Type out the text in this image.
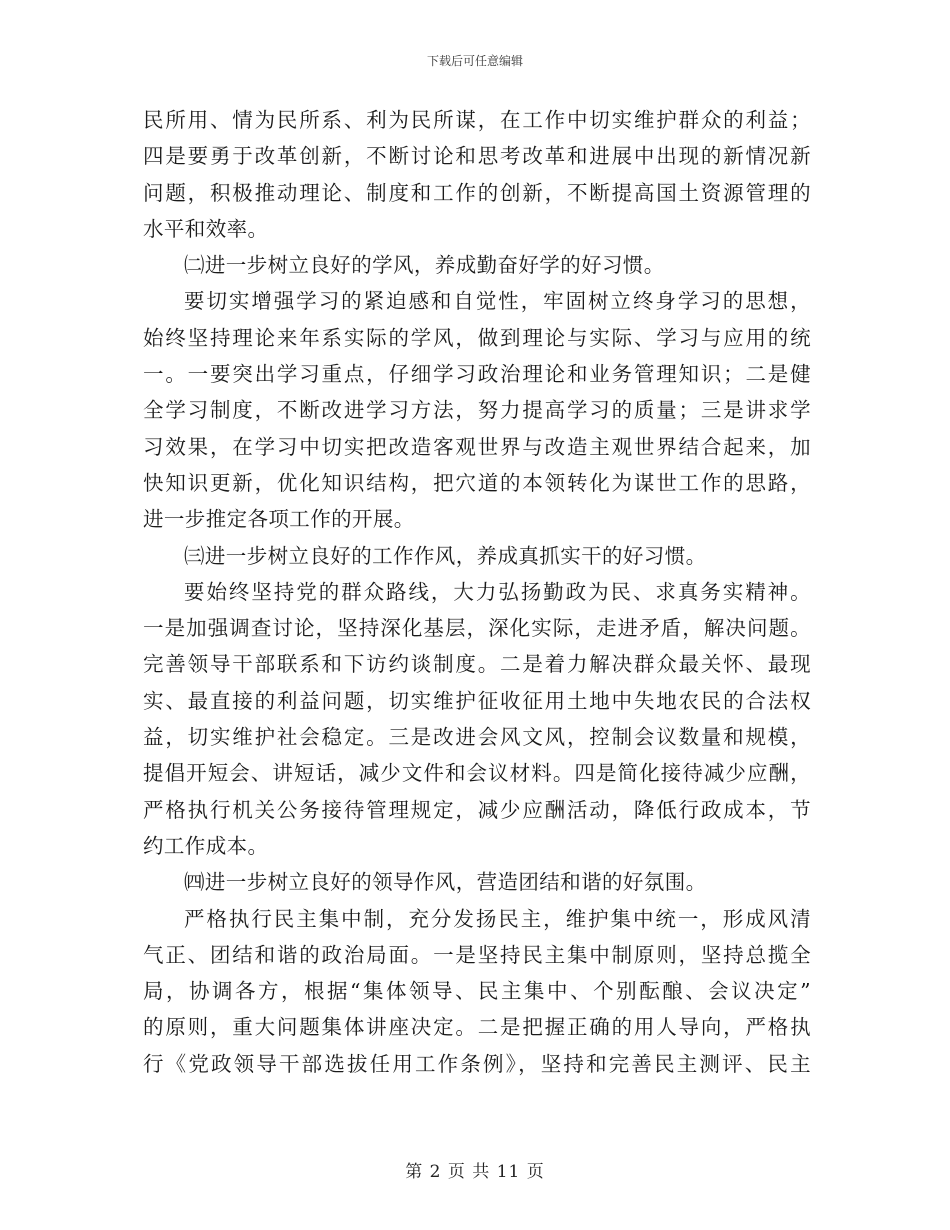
下载后可任意编辑
民所用、情为民所系、利为民所谋，在工作中切实维护群众的利益；
四是要勇于改革创新，不断讨论和思考改革和进展中出现的新情况新
问题，积极推动理论、制度和工作的创新，不断提高国土资源管理的
水平和效率。
㈡进一步树立良好的学风，养成勤奋好学的好习惯。
要切实增强学习的紧迫感和自觉性，牢固树立终身学习的思想，
始终坚持理论来年系实际的学风，做到理论与实际、学习与应用的统
一。一要突出学习重点，仔细学习政治理论和业务管理知识；二是健
全学习制度，不断改进学习方法，努力提高学习的质量；三是讲求学
习效果，在学习中切实把改造客观世界与改造主观世界结合起来，加
快知识更新，优化知识结构，把穴道的本领转化为谋世工作的思路，
进一步推定各项工作的开展。
㈢进一步树立良好的工作作风，养成真抓实干的好习惯。
要始终坚持党的群众路线，大力弘扬勤政为民、求真务实精神。
一是加强调查讨论，坚持深化基层，深化实际，走进矛盾，解决问题。
完善领导干部联系和下访约谈制度。二是着力解决群众最关怀、最现
实、最直接的利益问题，切实维护征收征用土地中失地农民的合法权
益，切实维护社会稳定。三是改进会风文风，控制会议数量和规模，
提倡开短会、讲短话，减少文件和会议材料。四是简化接待减少应酬，
严格执行机关公务接待管理规定，减少应酬活动，降低行政成本，节
约工作成本。
㈣进一步树立良好的领导作风，营造团结和谐的好氛围。
严格执行民主集中制，充分发扬民主，维护集中统一，形成风清
气正、团结和谐的政治局面。一是坚持民主集中制原则，坚持总揽全
局，协调各方，根据“集体领导、民主集中、个别酝酿、会议决定”
的原则，重大问题集体讲座决定。二是把握正确的用人导向，严格执
行《党政领导干部选拔任用工作条例》，坚持和完善民主测评、民主
第 2 页 共 11 页
